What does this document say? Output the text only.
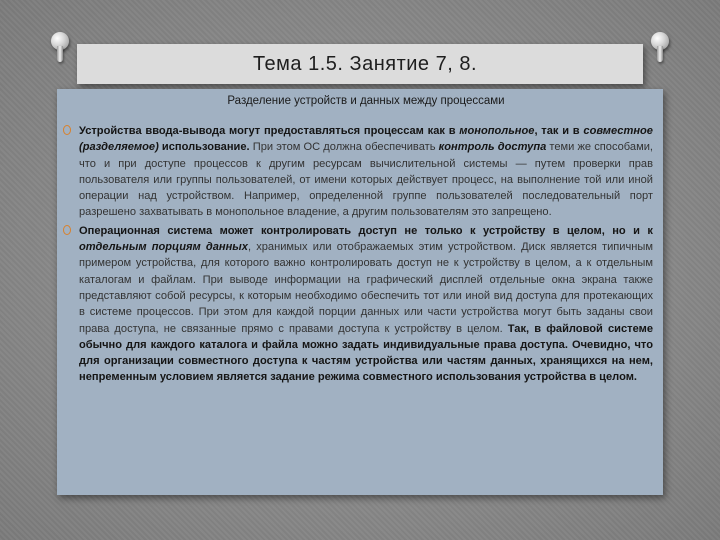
Тема 1.5. Занятие 7, 8.
Разделение устройств и данных между процессами

Устройства ввода-вывода могут предоставляться процессам как в монопольное, так и в совместное (разделяемое) использование. При этом ОС должна обеспечивать контроль доступа теми же способами, что и при доступе процессов к другим ресурсам вычислительной системы — путем проверки прав пользователя или группы пользователей, от имени которых действует процесс, на выполнение той или иной операции над устройством. Например, определенной группе пользователей последовательный порт разрешено захватывать в монопольное владение, а другим пользователям это запрещено.

Операционная система может контролировать доступ не только к устройству в целом, но и к отдельным порциям данных, хранимых или отображаемых этим устройством. Диск является типичным примером устройства, для которого важно контролировать доступ не к устройству в целом, а к отдельным каталогам и файлам. При выводе информации на графический дисплей отдельные окна экрана также представляют собой ресурсы, к которым необходимо обеспечить тот или иной вид доступа для протекающих в системе процессов. При этом для каждой порции данных или части устройства могут быть заданы свои права доступа, не связанные прямо с правами доступа к устройству в целом. Так, в файловой системе обычно для каждого каталога и файла можно задать индивидуальные права доступа. Очевидно, что для организации совместного доступа к частям устройства или частям данных, хранящихся на нем, непременным условием является задание режима совместного использования устройства в целом.
